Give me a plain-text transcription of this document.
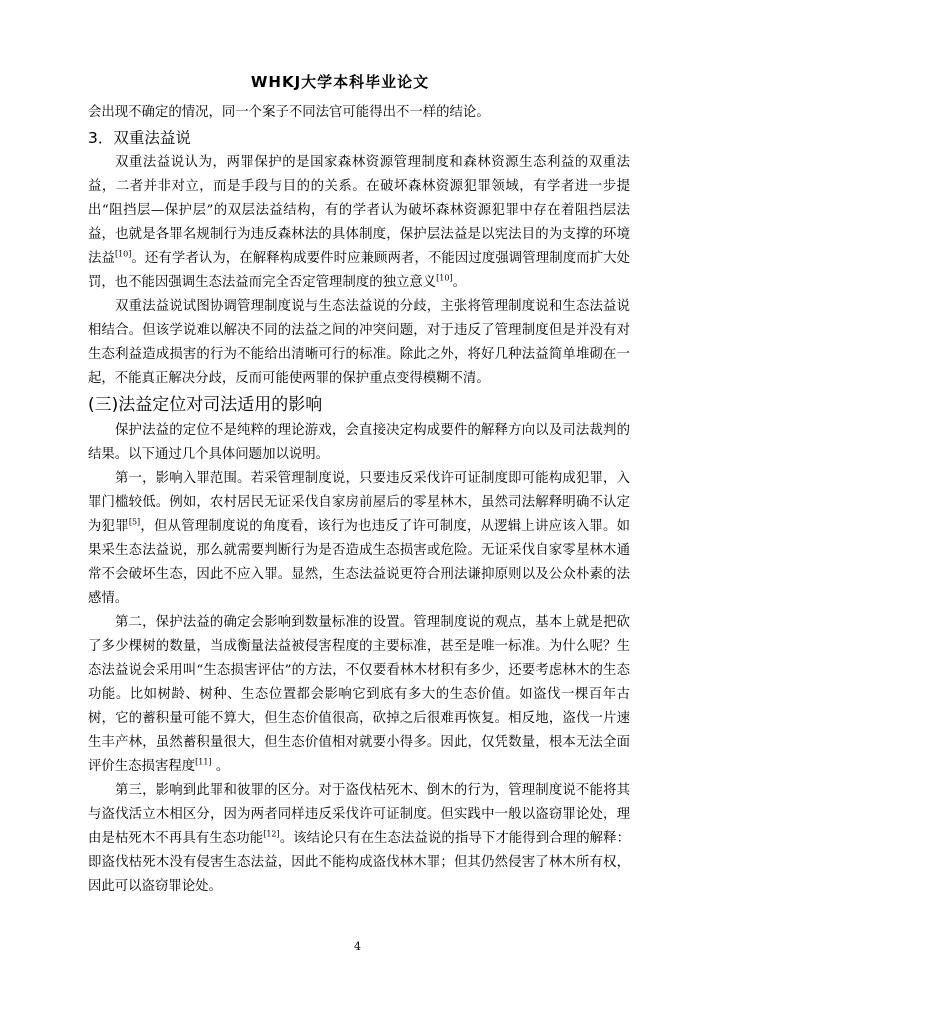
WHKJ大学本科毕业论文

会出现不确定的情况，同一个案子不同法官可能得出不一样的结论。

3．双重法益说

双重法益说认为，两罪保护的是国家森林资源管理制度和森林资源生态利益的双重法益，二者并非对立，而是手段与目的的关系。在破坏森林资源犯罪领域，有学者进一步提出“阻挡层—保护层”的双层法益结构，有的学者认为破坏森林资源犯罪中存在着阻挡层法益，也就是各罪名规制行为违反森林法的具体制度，保护层法益是以宪法目的为支撑的环境法益[10]。还有学者认为，在解释构成要件时应兼顾两者，不能因过度强调管理制度而扩大处罚，也不能因强调生态法益而完全否定管理制度的独立意义[10]。

双重法益说试图协调管理制度说与生态法益说的分歧，主张将管理制度说和生态法益说相结合。但该学说难以解决不同的法益之间的冲突问题，对于违反了管理制度但是并没有对生态利益造成损害的行为不能给出清晰可行的标准。除此之外，将好几种法益简单堆砌在一起，不能真正解决分歧，反而可能使两罪的保护重点变得模糊不清。

(三)法益定位对司法适用的影响

保护法益的定位不是纯粹的理论游戏，会直接决定构成要件的解释方向以及司法裁判的结果。以下通过几个具体问题加以说明。

第一，影响入罪范围。若采管理制度说，只要违反采伐许可证制度即可能构成犯罪，入罪门槛较低。例如，农村居民无证采伐自家房前屋后的零星林木，虽然司法解释明确不认定为犯罪[5]，但从管理制度说的角度看，该行为也违反了许可制度，从逻辑上讲应该入罪。如果采生态法益说，那么就需要判断行为是否造成生态损害或危险。无证采伐自家零星林木通常不会破坏生态，因此不应入罪。显然，生态法益说更符合刑法谦抑原则以及公众朴素的法感情。

第二，保护法益的确定会影响到数量标准的设置。管理制度说的观点，基本上就是把砍了多少棵树的数量，当成衡量法益被侵害程度的主要标准，甚至是唯一标准。为什么呢？生态法益说会采用叫“生态损害评估”的方法，不仅要看林木材积有多少，还要考虑林木的生态功能。比如树龄、树种、生态位置都会影响它到底有多大的生态价值。如盗伐一棵百年古树，它的蓄积量可能不算大，但生态价值很高，砍掉之后很难再恢复。相反地，盗伐一片速生丰产林，虽然蓄积量很大，但生态价值相对就要小得多。因此，仅凭数量，根本无法全面评价生态损害程度[11] 。

第三，影响到此罪和彼罪的区分。对于盗伐枯死木、倒木的行为，管理制度说不能将其与盗伐活立木相区分，因为两者同样违反采伐许可证制度。但实践中一般以盗窃罪论处，理由是枯死木不再具有生态功能[12]。该结论只有在生态法益说的指导下才能得到合理的解释：即盗伐枯死木没有侵害生态法益，因此不能构成盗伐林木罪；但其仍然侵害了林木所有权，因此可以盗窃罪论处。

4
